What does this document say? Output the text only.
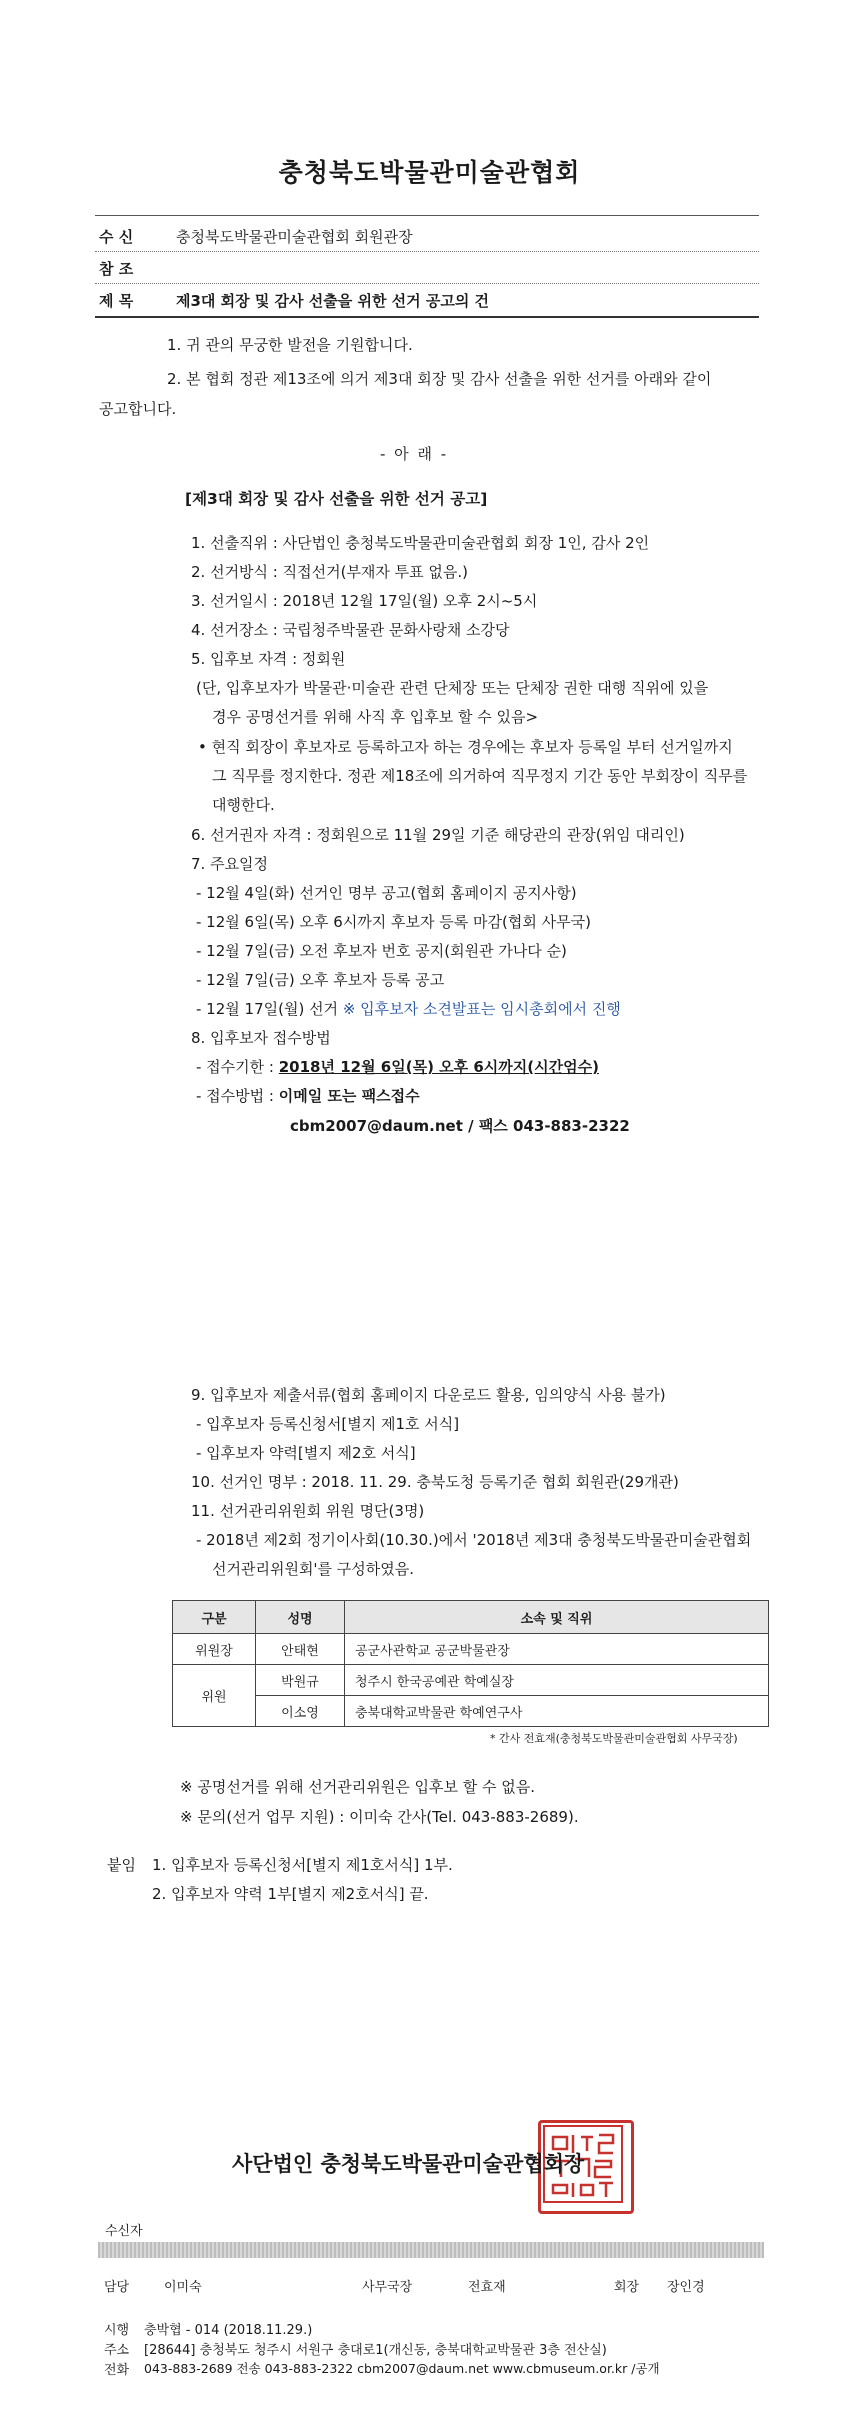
충청북도박물관미술관협회
수 신	충청북도박물관미술관협회 회원관장
참 조
제 목	제3대 회장 및 감사 선출을 위한 선거 공고의 건
1. 귀 관의 무궁한 발전을 기원합니다.
2. 본 협회 정관 제13조에 의거 제3대 회장 및 감사 선출을 위한 선거를 아래와 같이
공고합니다.
- 아 래 -
[제3대 회장 및 감사 선출을 위한 선거 공고]
1. 선출직위 : 사단법인 충청북도박물관미술관협회 회장 1인, 감사 2인
2. 선거방식 : 직접선거(부재자 투표 없음.)
3. 선거일시 : 2018년 12월 17일(월) 오후 2시~5시
4. 선거장소 : 국립청주박물관 문화사랑채 소강당
5. 입후보 자격 : 정회원
(단, 입후보자가 박물관·미술관 관련 단체장 또는 단체장 권한 대행 직위에 있을
경우 공명선거를 위해 사직 후 입후보 할 수 있음>
• 현직 회장이 후보자로 등록하고자 하는 경우에는 후보자 등록일 부터 선거일까지
그 직무를 정지한다. 정관 제18조에 의거하여 직무정지 기간 동안 부회장이 직무를
대행한다.
6. 선거권자 자격 : 정회원으로 11월 29일 기준 해당관의 관장(위임 대리인)
7. 주요일정
- 12월 4일(화) 선거인 명부 공고(협회 홈페이지 공지사항)
- 12월 6일(목) 오후 6시까지 후보자 등록 마감(협회 사무국)
- 12월 7일(금) 오전 후보자 번호 공지(회원관 가나다 순)
- 12월 7일(금) 오후 후보자 등록 공고
- 12월 17일(월) 선거 ※ 입후보자 소견발표는 임시총회에서 진행
8. 입후보자 접수방법
- 접수기한 : 2018년 12월 6일(목) 오후 6시까지(시간엄수)
- 접수방법 : 이메일 또는 팩스접수
cbm2007@daum.net / 팩스 043-883-2322
9. 입후보자 제출서류(협회 홈페이지 다운로드 활용, 임의양식 사용 불가)
- 입후보자 등록신청서[별지 제1호 서식]
- 입후보자 약력[별지 제2호 서식]
10. 선거인 명부 : 2018. 11. 29. 충북도청 등록기준 협회 회원관(29개관)
11. 선거관리위원회 위원 명단(3명)
- 2018년 제2회 정기이사회(10.30.)에서 '2018년 제3대 충청북도박물관미술관협회
선거관리위원회'를 구성하였음.
구분	성명	소속 및 직위
위원장	안태현	공군사관학교 공군박물관장
위원	박원규	청주시 한국공예관 학예실장
	이소영	충북대학교박물관 학예연구사
* 간사 전효재(충청북도박물관미술관협회 사무국장)
※ 공명선거를 위해 선거관리위원은 입후보 할 수 없음.
※ 문의(선거 업무 지원) : 이미숙 간사(Tel. 043-883-2689).
붙임 1. 입후보자 등록신청서[별지 제1호서식] 1부.
2. 입후보자 약력 1부[별지 제2호서식] 끝.
사단법인 충청북도박물관미술관협회장
수신자
담당	이미숙	사무국장	전효재	회장 장인경
시행 충박협 - 014 (2018.11.29.)
주소 [28644] 충청북도 청주시 서원구 충대로1(개신동, 충북대학교박물관 3층 전산실)
전화 043-883-2689 전송 043-883-2322 cbm2007@daum.net www.cbmuseum.or.kr /공개
